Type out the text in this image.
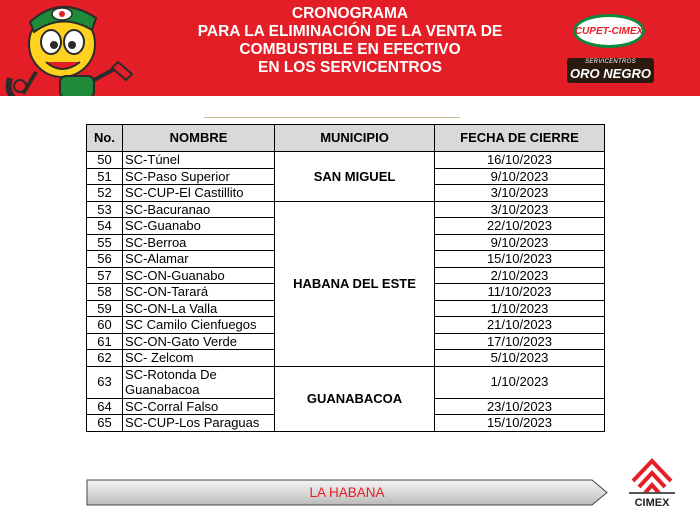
CRONOGRAMA
PARA LA ELIMINACIÓN DE LA VENTA DE
COMBUSTIBLE EN EFECTIVO
EN LOS SERVICENTROS
CUPET-CIMEX
SERVICENTROS
ORO NEGRO
No.	NOMBRE	MUNICIPIO	FECHA DE CIERRE
50	SC-Túnel	SAN MIGUEL	16/10/2023
51	SC-Paso Superior		9/10/2023
52	SC-CUP-El Castillito		3/10/2023
53	SC-Bacuranao	HABANA DEL ESTE	3/10/2023
54	SC-Guanabo		22/10/2023
55	SC-Berroa		9/10/2023
56	SC-Alamar		15/10/2023
57	SC-ON-Guanabo		2/10/2023
58	SC-ON-Tarará		11/10/2023
59	SC-ON-La Valla		1/10/2023
60	SC Camilo Cienfuegos		21/10/2023
61	SC-ON-Gato Verde		17/10/2023
62	SC- Zelcom		5/10/2023
63	SC-Rotonda De Guanabacoa	GUANABACOA	1/10/2023
64	SC-Corral Falso		23/10/2023
65	SC-CUP-Los Paraguas		15/10/2023
LA HABANA
CIMEX
